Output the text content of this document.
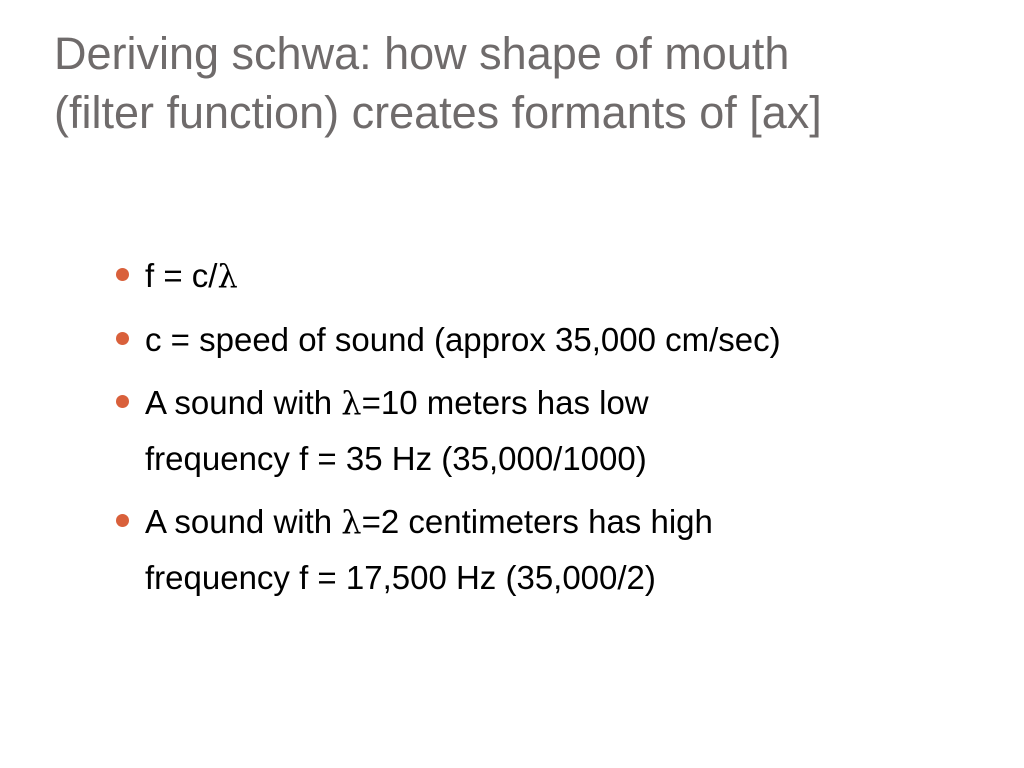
Deriving schwa: how shape of mouth
(filter function) creates formants of [ax]
f = c/λ
c = speed of sound (approx 35,000 cm/sec)
A sound with λ=10 meters has low
frequency f = 35 Hz (35,000/1000)
A sound with λ=2 centimeters has high
frequency f = 17,500 Hz (35,000/2)
